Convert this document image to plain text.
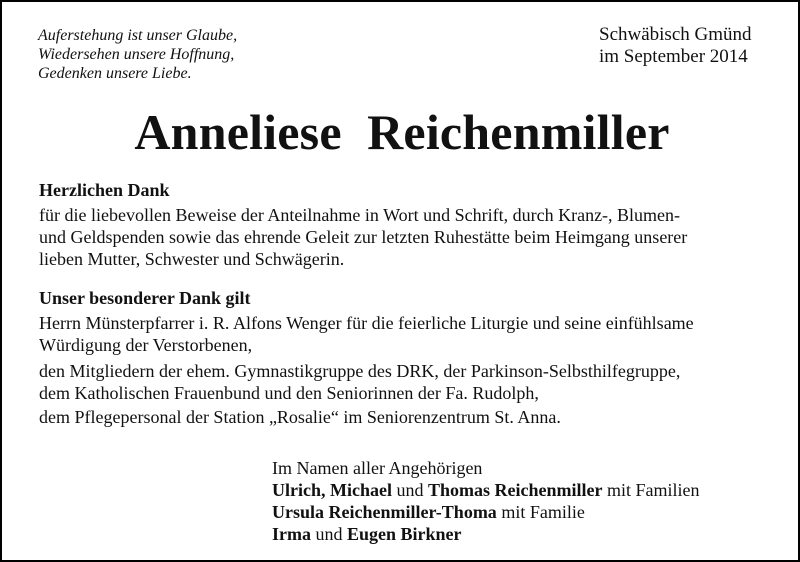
Auferstehung ist unser Glaube,
Wiedersehen unsere Hoffnung,
Gedenken unsere Liebe.
Schwäbisch Gmünd
im September 2014
Anneliese  Reichenmiller
Herzlichen Dank
für die liebevollen Beweise der Anteilnahme in Wort und Schrift, durch Kranz-, Blumen-
und Geldspenden sowie das ehrende Geleit zur letzten Ruhestätte beim Heimgang unserer
lieben Mutter, Schwester und Schwägerin.
Unser besonderer Dank gilt
Herrn Münsterpfarrer i. R. Alfons Wenger für die feierliche Liturgie und seine einfühlsame
Würdigung der Verstorbenen,
den Mitgliedern der ehem. Gymnastikgruppe des DRK, der Parkinson-Selbsthilfegruppe,
dem Katholischen Frauenbund und den Seniorinnen der Fa. Rudolph,
dem Pflegepersonal der Station „Rosalie“ im Seniorenzentrum St. Anna.
Im Namen aller Angehörigen
Ulrich, Michael und Thomas Reichenmiller mit Familien
Ursula Reichenmiller-Thoma mit Familie
Irma und Eugen Birkner
